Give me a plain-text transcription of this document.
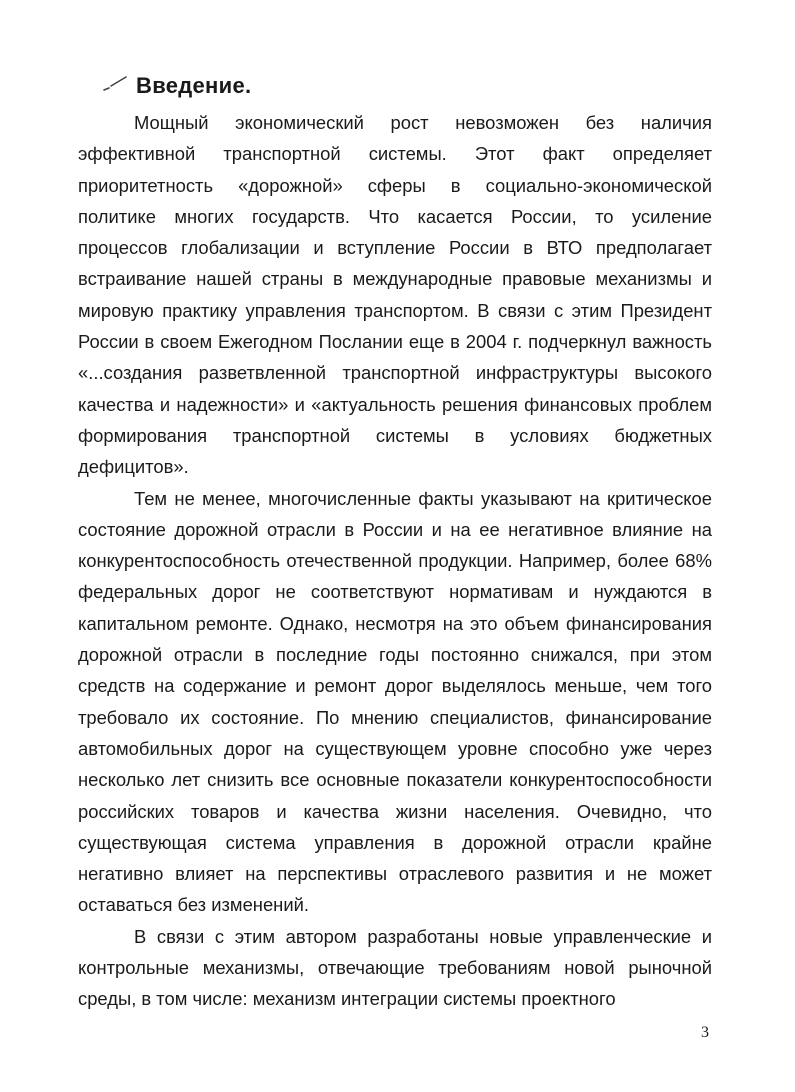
Введение.

Мощный экономический рост невозможен без наличия эффективной транспортной системы. Этот факт определяет приоритетность «дорожной» сферы в социально-экономической политике многих государств. Что касается России, то усиление процессов глобализации и вступление России в ВТО предполагает встраивание нашей страны в международные правовые механизмы и мировую практику управления транспортом. В связи с этим Президент России в своем Ежегодном Послании еще в 2004 г. подчеркнул важность «...создания разветвленной транспортной инфраструктуры высокого качества и надежности» и «актуальность решения финансовых проблем формирования транспортной системы в условиях бюджетных дефицитов».

Тем не менее, многочисленные факты указывают на критическое состояние дорожной отрасли в России и на ее негативное влияние на конкурентоспособность отечественной продукции. Например, более 68% федеральных дорог не соответствуют нормативам и нуждаются в капитальном ремонте. Однако, несмотря на это объем финансирования дорожной отрасли в последние годы постоянно снижался, при этом средств на содержание и ремонт дорог выделялось меньше, чем того требовало их состояние. По мнению специалистов, финансирование автомобильных дорог на существующем уровне способно уже через несколько лет снизить все основные показатели конкурентоспособности российских товаров и качества жизни населения. Очевидно, что существующая система управления в дорожной отрасли крайне негативно влияет на перспективы отраслевого развития и не может оставаться без изменений.

В связи с этим автором разработаны новые управленческие и контрольные механизмы, отвечающие требованиям новой рыночной среды, в том числе: механизм интеграции системы проектного

3
